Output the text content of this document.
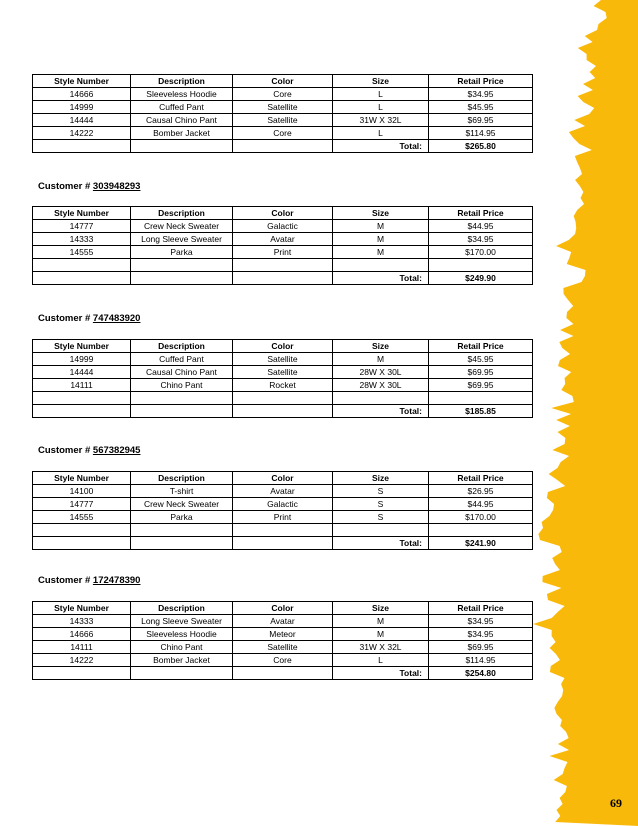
Style Number	Description	Color	Size	Retail Price
14666	Sleeveless Hoodie	Core	L	$34.95
14999	Cuffed Pant	Satellite	L	$45.95
14444	Causal Chino Pant	Satellite	31W X 32L	$69.95
14222	Bomber Jacket	Core	L	$114.95
			Total:	$265.80
Customer # 303948293
Style Number	Description	Color	Size	Retail Price
14777	Crew Neck Sweater	Galactic	M	$44.95
14333	Long Sleeve Sweater	Avatar	M	$34.95
14555	Parka	Print	M	$170.00

			Total:	$249.90
Customer # 747483920
Style Number	Description	Color	Size	Retail Price
14999	Cuffed Pant	Satellite	M	$45.95
14444	Causal Chino Pant	Satellite	28W X 30L	$69.95
14111	Chino Pant	Rocket	28W X 30L	$69.95

			Total:	$185.85
Customer # 567382945
Style Number	Description	Color	Size	Retail Price
14100	T-shirt	Avatar	S	$26.95
14777	Crew Neck Sweater	Galactic	S	$44.95
14555	Parka	Print	S	$170.00

			Total:	$241.90
Customer # 172478390
Style Number	Description	Color	Size	Retail Price
14333	Long Sleeve Sweater	Avatar	M	$34.95
14666	Sleeveless Hoodie	Meteor	M	$34.95
14111	Chino Pant	Satellite	31W X 32L	$69.95
14222	Bomber Jacket	Core	L	$114.95
			Total:	$254.80
69
